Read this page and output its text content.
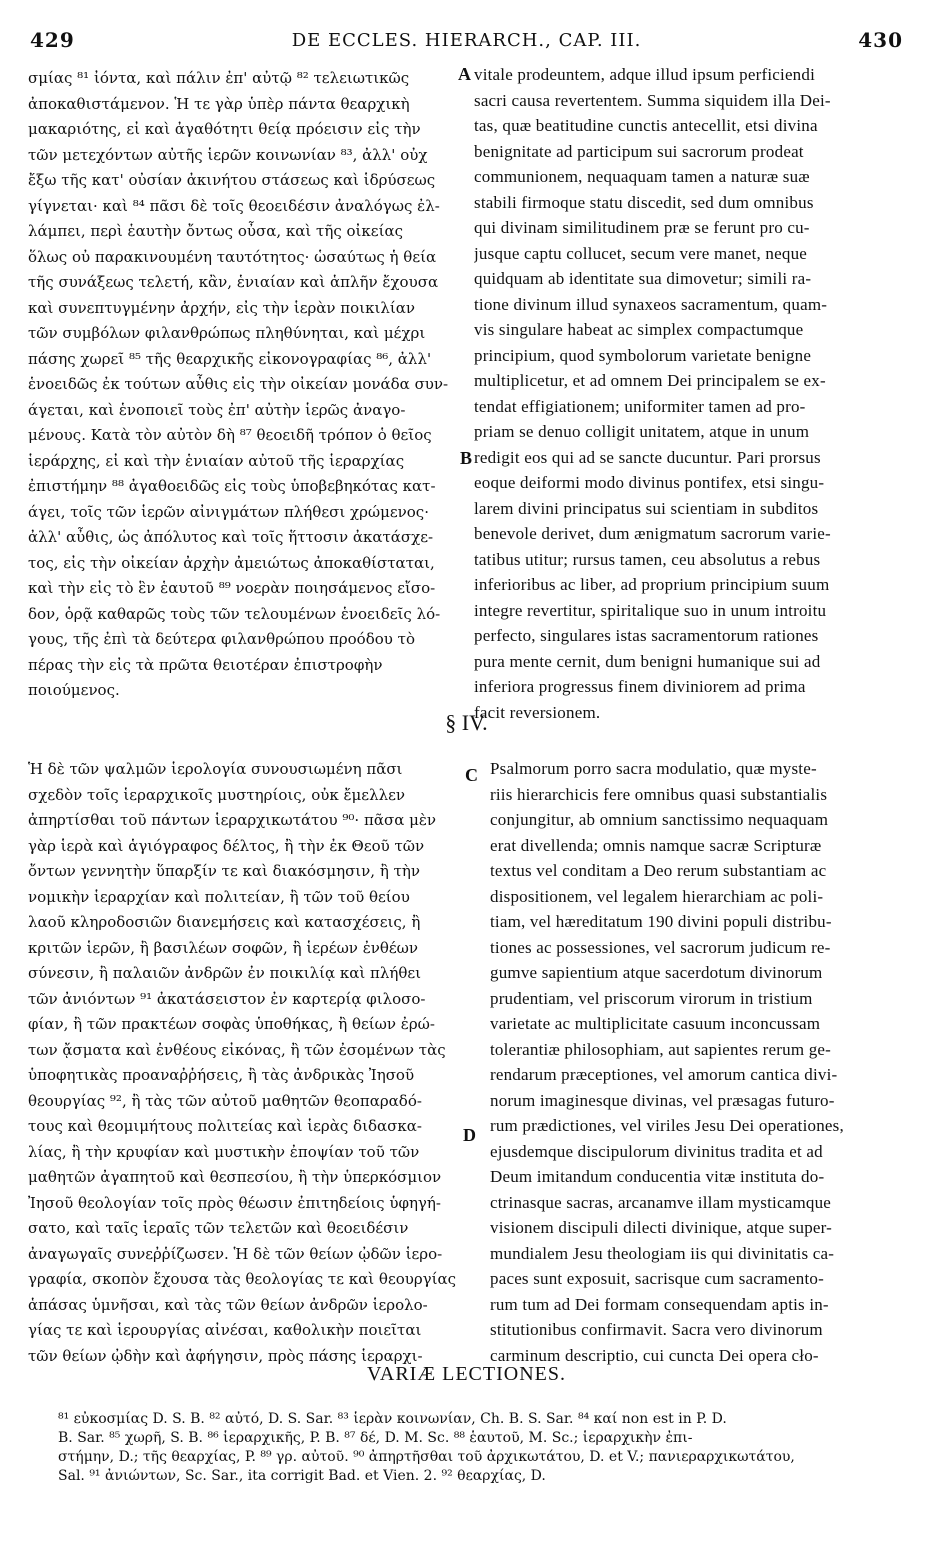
429	DE ECCLES. HIERARCH., CAP. III.	430

σμίας ⁸¹ ἰόντα, καὶ πάλιν ἐπ' αὐτῷ ⁸² τελειωτικῶς

ἀποκαθιστάμενον. Ἡ τε γὰρ ὑπὲρ πάντα θεαρχικὴ

μακαριότης, εἰ καὶ ἀγαθότητι θείᾳ πρόεισιν εἰς τὴν

τῶν μετεχόντων αὐτῆς ἱερῶν κοινωνίαν ⁸³, ἀλλ' οὐχ

ἔξω τῆς κατ' οὐσίαν ἀκινήτου στάσεως καὶ ἱδρύσεως

γίγνεται· καὶ ⁸⁴ πᾶσι δὲ τοῖς θεοειδέσιν ἀναλόγως ἐλ-

λάμπει, περὶ ἑαυτὴν ὄντως οὖσα, καὶ τῆς οἰκείας

ὅλως οὐ παρακινουμένη ταυτότητος· ὡσαύτως ἡ θεία

τῆς συνάξεως τελετή, κἂν, ἑνιαίαν καὶ ἁπλῆν ἔχουσα

καὶ συνεπτυγμένην ἀρχήν, εἰς τὴν ἱερὰν ποικιλίαν

τῶν συμβόλων φιλανθρώπως πληθύνηται, καὶ μέχρι

πάσης χωρεῖ ⁸⁵ τῆς θεαρχικῆς εἰκονογραφίας ⁸⁶, ἀλλ'

ἑνοειδῶς ἐκ τούτων αὖθις εἰς τὴν οἰκείαν μονάδα συν-

άγεται, καὶ ἑνοποιεῖ τοὺς ἐπ' αὐτὴν ἱερῶς ἀναγο-

μένους. Κατὰ τὸν αὐτὸν δὴ ⁸⁷ θεοειδῆ τρόπον ὁ θεῖος

ἱεράρχης, εἰ καὶ τὴν ἑνιαίαν αὐτοῦ τῆς ἱεραρχίας

ἐπιστήμην ⁸⁸ ἀγαθοειδῶς εἰς τοὺς ὑποβεβηκότας κατ-

άγει, τοῖς τῶν ἱερῶν αἰνιγμάτων πλήθεσι χρώμενος·

ἀλλ' αὖθις, ὡς ἀπόλυτος καὶ τοῖς ἥττοσιν ἀκατάσχε-

τος, εἰς τὴν οἰκείαν ἀρχὴν ἀμειώτως ἀποκαθίσταται,

καὶ τὴν εἰς τὸ ἓν ἑαυτοῦ ⁸⁹ νοερὰν ποιησάμενος εἴσο-

δον, ὁρᾷ καθαρῶς τοὺς τῶν τελουμένων ἑνοειδεῖς λό-

γους, τῆς ἐπὶ τὰ δεύτερα φιλανθρώπου προόδου τὸ

πέρας τὴν εἰς τὰ πρῶτα θειοτέραν ἐπιστροφὴν

ποιούμενος.

vitale prodeuntem, adque illud ipsum perficiendi

sacri causa revertentem. Summa siquidem illa Dei-

tas, quæ beatitudine cunctis antecellit, etsi divina

benignitate ad participum sui sacrorum prodeat

communionem, nequaquam tamen a naturæ suæ

stabili firmoque statu discedit, sed dum omnibus

qui divinam similitudinem præ se ferunt pro cu-

jusque captu collucet, secum vere manet, neque

quidquam ab identitate sua dimovetur; simili ra-

tione divinum illud synaxeos sacramentum, quam-

vis singulare habeat ac simplex compactumque

principium, quod symbolorum varietate benigne

multiplicetur, et ad omnem Dei principalem se ex-

tendat effigiationem; uniformiter tamen ad pro-

priam se denuo colligit unitatem, atque in unum

redigit eos qui ad se sancte ducuntur. Pari prorsus

eoque deiformi modo divinus pontifex, etsi singu-

larem divini principatus sui scientiam in subditos

benevole derivet, dum ænigmatum sacrorum varie-

tatibus utitur; rursus tamen, ceu absolutus a rebus

inferioribus ac liber, ad proprium principium suum

integre revertitur, spiritalique suo in unum introitu

perfecto, singulares istas sacramentorum rationes

pura mente cernit, dum benigni humanique sui ad

inferiora progressus finem diviniorem ad prima

facit reversionem.

A
B
§ IV.

Ἡ δὲ τῶν ψαλμῶν ἱερολογία συνουσιωμένη πᾶσι

σχεδὸν τοῖς ἱεραρχικοῖς μυστηρίοις, οὐκ ἔμελλεν

ἀπηρτίσθαι τοῦ πάντων ἱεραρχικωτάτου ⁹⁰· πᾶσα μὲν

γὰρ ἱερὰ καὶ ἁγιόγραφος δέλτος, ἢ τὴν ἐκ Θεοῦ τῶν

ὄντων γεννητὴν ὕπαρξίν τε καὶ διακόσμησιν, ἢ τὴν

νομικὴν ἱεραρχίαν καὶ πολιτείαν, ἢ τῶν τοῦ θείου

λαοῦ κληροδοσιῶν διανεμήσεις καὶ κατασχέσεις, ἢ

κριτῶν ἱερῶν, ἢ βασιλέων σοφῶν, ἢ ἱερέων ἐνθέων

σύνεσιν, ἢ παλαιῶν ἀνδρῶν ἐν ποικιλίᾳ καὶ πλήθει

τῶν ἀνιόντων ⁹¹ ἀκατάσειστον ἐν καρτερίᾳ φιλοσο-

φίαν, ἢ τῶν πρακτέων σοφὰς ὑποθήκας, ἢ θείων ἐρώ-

των ᾄσματα καὶ ἐνθέους εἰκόνας, ἢ τῶν ἐσομένων τὰς

ὑποφητικὰς προαναῤῥήσεις, ἢ τὰς ἀνδρικὰς Ἰησοῦ

θεουργίας ⁹², ἢ τὰς τῶν αὐτοῦ μαθητῶν θεοπαραδό-

τους καὶ θεομιμήτους πολιτείας καὶ ἱερὰς διδασκα-

λίας, ἢ τὴν κρυφίαν καὶ μυστικὴν ἐποψίαν τοῦ τῶν

μαθητῶν ἀγαπητοῦ καὶ θεσπεσίου, ἢ τὴν ὑπερκόσμιον

Ἰησοῦ θεολογίαν τοῖς πρὸς θέωσιν ἐπιτηδείοις ὑφηγή-

σατο, καὶ ταῖς ἱεραῖς τῶν τελετῶν καὶ θεοειδέσιν

ἀναγωγαῖς συνεῤῥίζωσεν. Ἡ δὲ τῶν θείων ᾠδῶν ἱερο-

γραφία, σκοπὸν ἔχουσα τὰς θεολογίας τε καὶ θεουργίας

ἁπάσας ὑμνῆσαι, καὶ τὰς τῶν θείων ἀνδρῶν ἱερολο-

γίας τε καὶ ἱερουργίας αἰνέσαι, καθολικὴν ποιεῖται

τῶν θείων ᾠδὴν καὶ ἀφήγησιν, πρὸς πάσης ἱεραρχι-

Psalmorum porro sacra modulatio, quæ myste-

riis hierarchicis fere omnibus quasi substantialis

conjungitur, ab omnium sanctissimo nequaquam

erat divellenda; omnis namque sacræ Scripturæ

textus vel conditam a Deo rerum substantiam ac

dispositionem, vel legalem hierarchiam ac poli-

tiam, vel hæreditatum 190 divini populi distribu-

tiones ac possessiones, vel sacrorum judicum re-

gumve sapientium atque sacerdotum divinorum

prudentiam, vel priscorum virorum in tristium

varietate ac multiplicitate casuum inconcussam

tolerantiæ philosophiam, aut sapientes rerum ge-

rendarum præceptiones, vel amorum cantica divi-

norum imaginesque divinas, vel præsagas futuro-

rum prædictiones, vel viriles Jesu Dei operationes,

ejusdemque discipulorum divinitus tradita et ad

Deum imitandum conducentia vitæ instituta do-

ctrinasque sacras, arcanamve illam mysticamque

visionem discipuli dilecti divinique, atque super-

mundialem Jesu theologiam iis qui divinitatis ca-

paces sunt exposuit, sacrisque cum sacramento-

rum tum ad Dei formam consequendam aptis in-

stitutionibus confirmavit. Sacra vero divinorum

carminum descriptio, cui cuncta Dei opera cło-

C
D
VARIÆ LECTIONES.

⁸¹ εὐκοσμίας D. S. B. ⁸² αὐτό, D. S. Sar. ⁸³ ἱερὰν κοινωνίαν, Ch. B. S. Sar. ⁸⁴ καί non est in P. D.

B. Sar. ⁸⁵ χωρῆ, S. B. ⁸⁶ ἱεραρχικῆς, P. B. ⁸⁷ δέ, D. M. Sc. ⁸⁸ ἑαυτοῦ, M. Sc.; ἱεραρχικὴν ἐπι-

στήμην, D.; τῆς θεαρχίας, P. ⁸⁹ γρ. αὐτοῦ. ⁹⁰ ἀπηρτῆσθαι τοῦ ἀρχικωτάτου, D. et V.; πανιεραρχικωτάτου,

Sal. ⁹¹ ἀνιώντων, Sc. Sar., ita corrigit Bad. et Vien. 2. ⁹² θεαρχίας, D.
